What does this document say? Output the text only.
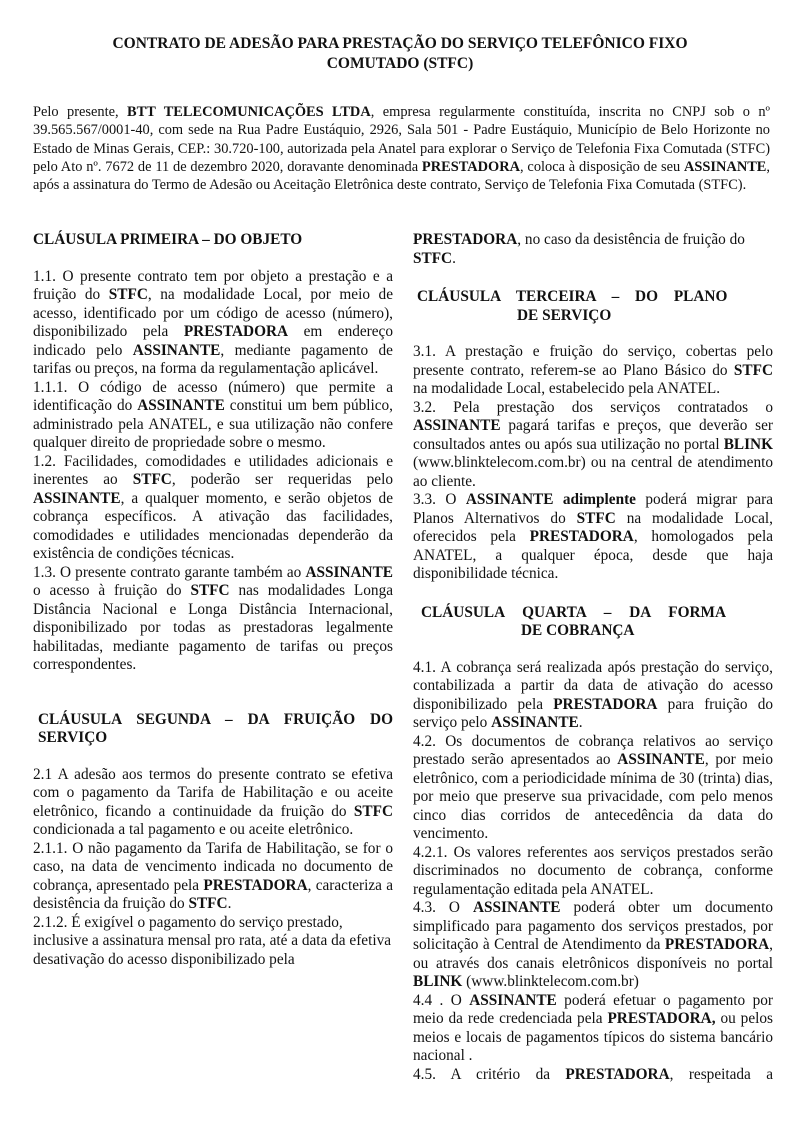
CONTRATO DE ADESÃO PARA PRESTAÇÃO DO SERVIÇO TELEFÔNICO FIXO
COMUTADO (STFC)

Pelo presente, BTT TELECOMUNICAÇÕES LTDA, empresa regularmente constituída, inscrita no CNPJ sob o nº 39.565.567/0001-40, com sede na Rua Padre Eustáquio, 2926, Sala 501 - Padre Eustáquio, Município de Belo Horizonte no Estado de Minas Gerais, CEP.: 30.720-100, autorizada pela Anatel para explorar o Serviço de Telefonia Fixa Comutada (STFC) pelo Ato nº. 7672 de 11 de dezembro 2020, doravante denominada PRESTADORA, coloca à disposição de seu ASSINANTE, após a assinatura do Termo de Adesão ou Aceitação Eletrônica deste contrato, Serviço de Telefonia Fixa Comutada (STFC).

CLÁUSULA PRIMEIRA – DO OBJETO

1.1. O presente contrato tem por objeto a prestação e a fruição do STFC, na modalidade Local, por meio de acesso, identificado por um código de acesso (número), disponibilizado pela PRESTADORA em endereço indicado pelo ASSINANTE, mediante pagamento de tarifas ou preços, na forma da regulamentação aplicável.

1.1.1. O código de acesso (número) que permite a identificação do ASSINANTE constitui um bem público, administrado pela ANATEL, e sua utilização não confere qualquer direito de propriedade sobre o mesmo.

1.2. Facilidades, comodidades e utilidades adicionais e inerentes ao STFC, poderão ser requeridas pelo ASSINANTE, a qualquer momento, e serão objetos de cobrança específicos. A ativação das facilidades, comodidades e utilidades mencionadas dependerão da existência de condições técnicas.

1.3. O presente contrato garante também ao ASSINANTE o acesso à fruição do STFC nas modalidades Longa Distância Nacional e Longa Distância Internacional, disponibilizado por todas as prestadoras legalmente habilitadas, mediante pagamento de tarifas ou preços correspondentes.

CLÁUSULA SEGUNDA – DA FRUIÇÃO DO SERVIÇO

2.1 A adesão aos termos do presente contrato se efetiva com o pagamento da Tarifa de Habilitação e ou aceite eletrônico, ficando a continuidade da fruição do STFC condicionada a tal pagamento e ou aceite eletrônico.

2.1.1. O não pagamento da Tarifa de Habilitação, se for o caso, na data de vencimento indicada no documento de cobrança, apresentado pela PRESTADORA, caracteriza a desistência da fruição do STFC.

2.1.2. É exigível o pagamento do serviço prestado, inclusive a assinatura mensal pro rata, até a data da efetiva desativação do acesso disponibilizado pela

PRESTADORA, no caso da desistência de fruição do STFC.

CLÁUSULA TERCEIRA – DO PLANO
DE SERVIÇO

3.1. A prestação e fruição do serviço, cobertas pelo presente contrato, referem-se ao Plano Básico do STFC na modalidade Local, estabelecido pela ANATEL.

3.2. Pela prestação dos serviços contratados o ASSINANTE pagará tarifas e preços, que deverão ser consultados antes ou após sua utilização no portal BLINK (www.blinktelecom.com.br) ou na central de atendimento ao cliente.

3.3. O ASSINANTE adimplente poderá migrar para Planos Alternativos do STFC na modalidade Local, oferecidos pela PRESTADORA, homologados pela ANATEL, a qualquer época, desde que haja disponibilidade técnica.

CLÁUSULA QUARTA – DA FORMA
DE COBRANÇA

4.1. A cobrança será realizada após prestação do serviço, contabilizada a partir da data de ativação do acesso disponibilizado pela PRESTADORA para fruição do serviço pelo ASSINANTE.

4.2. Os documentos de cobrança relativos ao serviço prestado serão apresentados ao ASSINANTE, por meio eletrônico, com a periodicidade mínima de 30 (trinta) dias, por meio que preserve sua privacidade, com pelo menos cinco dias corridos de antecedência da data do vencimento.

4.2.1. Os valores referentes aos serviços prestados serão discriminados no documento de cobrança, conforme regulamentação editada pela ANATEL.

4.3. O ASSINANTE poderá obter um documento simplificado para pagamento dos serviços prestados, por solicitação à Central de Atendimento da PRESTADORA, ou através dos canais eletrônicos disponíveis no portal BLINK (www.blinktelecom.com.br)

4.4 . O ASSINANTE poderá efetuar o pagamento por meio da rede credenciada pela PRESTADORA, ou pelos meios e locais de pagamentos típicos do sistema bancário nacional .

4.5. A critério da PRESTADORA, respeitada a
